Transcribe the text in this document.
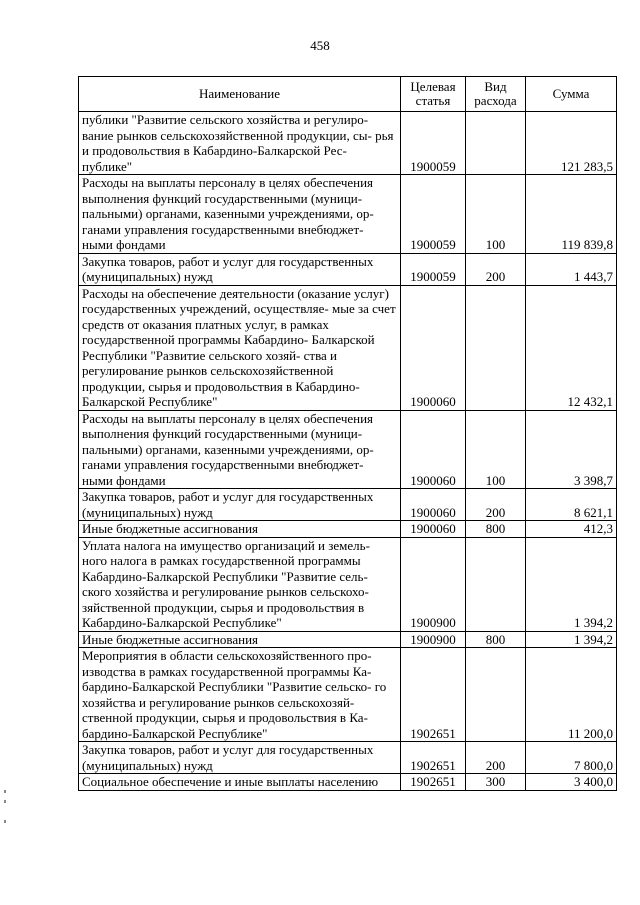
458
Наименование	Целевая статья	Вид расхода	Сумма
публики "Развитие сельского хозяйства и регулиро- вание рынков сельскохозяйственной продукции, сы- рья и продовольствия в Кабардино-Балкарской Рес- публике"	1900059		121 283,5
Расходы на выплаты персоналу в целях обеспечения выполнения функций государственными (муници- пальными) органами, казенными учреждениями, ор- ганами управления государственными внебюджет- ными фондами	1900059	100	119 839,8
Закупка товаров, работ и услуг для государственных (муниципальных) нужд	1900059	200	1 443,7
Расходы на обеспечение деятельности (оказание услуг) государственных учреждений, осуществляе- мые за счет средств от оказания платных услуг, в рамках государственной программы Кабардино- Балкарской Республики "Развитие сельского хозяй- ства и регулирование рынков сельскохозяйственной продукции, сырья и продовольствия в Кабардино- Балкарской Республике"	1900060		12 432,1
Расходы на выплаты персоналу в целях обеспечения выполнения функций государственными (муници- пальными) органами, казенными учреждениями, ор- ганами управления государственными внебюджет- ными фондами	1900060	100	3 398,7
Закупка товаров, работ и услуг для государственных (муниципальных) нужд	1900060	200	8 621,1
Иные бюджетные ассигнования	1900060	800	412,3
Уплата налога на имущество организаций и земель- ного налога в рамках государственной программы Кабардино-Балкарской Республики "Развитие сель- ского хозяйства и регулирование рынков сельскохо- зяйственной продукции, сырья и продовольствия в Кабардино-Балкарской Республике"	1900900		1 394,2
Иные бюджетные ассигнования	1900900	800	1 394,2
Мероприятия в области сельскохозяйственного про- изводства в рамках государственной программы Ка- бардино-Балкарской Республики "Развитие сельско- го хозяйства и регулирование рынков сельскохозяй- ственной продукции, сырья и продовольствия в Ка- бардино-Балкарской Республике"	1902651		11 200,0
Закупка товаров, работ и услуг для государственных (муниципальных) нужд	1902651	200	7 800,0
Социальное обеспечение и иные выплаты населению	1902651	300	3 400,0
